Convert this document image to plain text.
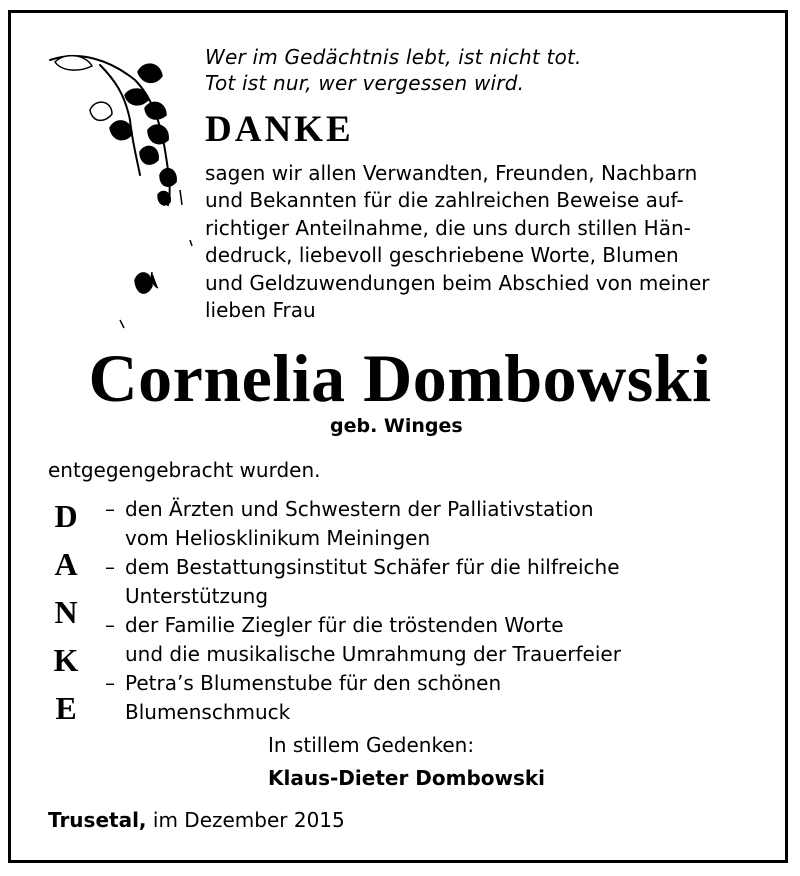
Wer im Gedächtnis lebt, ist nicht tot.
Tot ist nur, wer vergessen wird.
DANKE
sagen wir allen Verwandten, Freunden, Nachbarn
und Bekannten für die zahlreichen Beweise auf-
richtiger Anteilnahme, die uns durch stillen Hän-
dedruck, liebevoll geschriebene Worte, Blumen
und Geldzuwendungen beim Abschied von meiner
lieben Frau
Cornelia Dombowski
geb. Winges
entgegengebracht wurden.
D
A
N
K
E
– den Ärzten und Schwestern der Palliativstation
vom Heliosklinikum Meiningen
– dem Bestattungsinstitut Schäfer für die hilfreiche
Unterstützung
– der Familie Ziegler für die tröstenden Worte
und die musikalische Umrahmung der Trauerfeier
– Petra’s Blumenstube für den schönen
Blumenschmuck
In stillem Gedenken:
Klaus-Dieter Dombowski
Trusetal, im Dezember 2015
